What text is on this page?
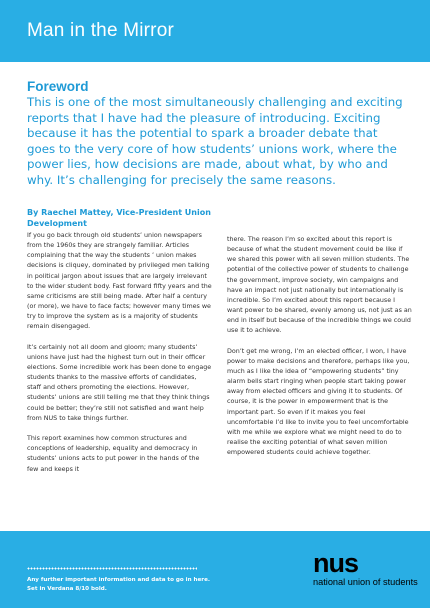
Man in the Mirror
Foreword
This is one of the most simultaneously challenging and exciting reports that I have had the pleasure of introducing. Exciting because it has the potential to spark a broader debate that goes to the very core of how students’ unions work, where the power lies, how decisions are made, about what, by who and why. It’s challenging for precisely the same reasons.
By Raechel Mattey, Vice-President Union Development

If you go back through old students’ union newspapers from the 1960s they are strangely familiar. Articles complaining that the way the students ’ union makes decisions is cliquey, dominated by privileged men talking in political jargon about issues that are largely irrelevant to the wider student body. Fast forward fifty years and the same criticisms are still being made. After half a century (or more), we have to face facts; however many times we try to improve the system as is a majority of students remain disengaged.

It’s certainly not all doom and gloom; many students’ unions have just had the highest turn out in their officer elections. Some incredible work has been done to engage students thanks to the massive efforts of candidates, staff and others promoting the elections. However, students’ unions are still telling me that they think things could be better; they’re still not satisfied and want help from NUS to take things further.

This report examines how common structures and conceptions of leadership, equality and democracy in students’ unions acts to put power in the hands of the few and keeps it

there. The reason I’m so excited about this report is because of what the student movement could be like if we shared this power with all seven million students. The potential of the collective power of students to challenge the government, improve society, win campaigns and have an impact not just nationally but internationally is incredible. So I’m excited about this report because I want power to be shared, evenly among us, not just as an end in itself but because of the incredible things we could use it to achieve.

Don’t get me wrong, I’m an elected officer, I won, I have power to make decisions and therefore, perhaps like you, much as I like the idea of “empowering students” tiny alarm bells start ringing when people start taking power away from elected officers and giving it to students. Of course, it is the power in empowerment that is the important part. So even if it makes you feel uncomfortable I’d like to invite you to feel uncomfortable with me while we explore what we might need to do to realise the exciting potential of what seven million empowered students could achieve together.

Any further important information and data to go in here. Set in Verdana 8/10 bold.
nus
national union of students
